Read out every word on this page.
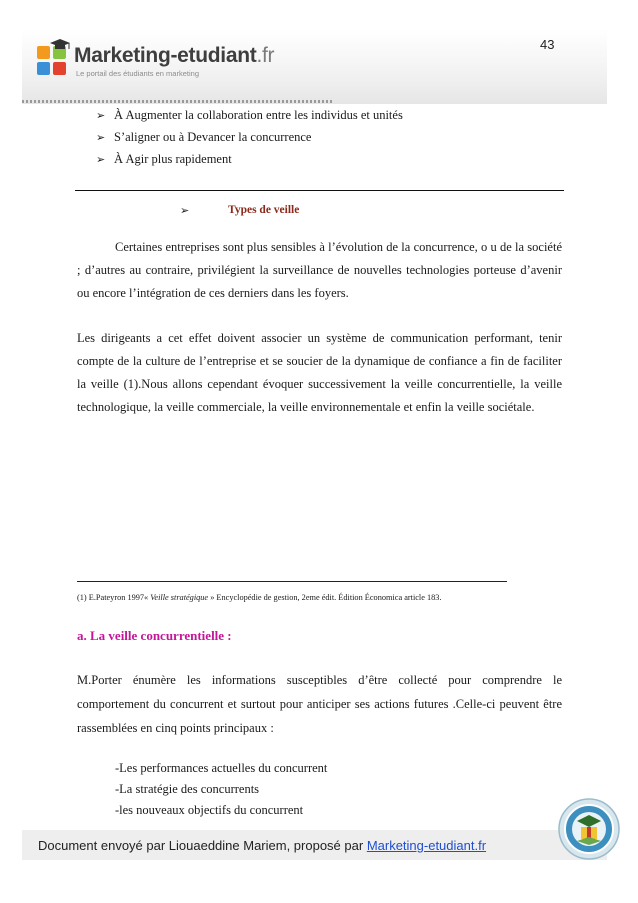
Marketing-etudiant.fr
Le portail des étudiants en marketing
43
➢ À Augmenter la collaboration entre les individus et unités
➢ S’aligner ou à Devancer la concurrence
➢ À Agir plus rapidement
➢	Types de veille

Certaines entreprises sont plus sensibles à l’évolution de la concurrence, o u de la société ; d’autres au contraire, privilégient la surveillance de nouvelles technologies porteuse d’avenir ou encore l’intégration de ces derniers dans les foyers.

Les dirigeants a cet effet doivent associer un système de communication performant, tenir compte de la culture de l’entreprise et se soucier de la dynamique de confiance a fin de faciliter la veille (1).Nous allons cependant évoquer successivement la veille concurrentielle, la veille technologique, la veille commerciale, la veille environnementale et enfin la veille sociétale.

(1) E.Pateyron 1997« Veille stratégique » Encyclopédie de gestion, 2eme édit. Édition Économica article 183.
a. La veille concurrentielle :

M.Porter énumère les informations susceptibles d’être collecté pour comprendre le comportement du concurrent et surtout pour anticiper ses actions futures .Celle-ci peuvent être rassemblées en cinq points principaux :

-Les performances actuelles du concurrent
-La stratégie des concurrents
-les nouveaux objectifs du concurrent
Document envoyé par Liouaeddine Mariem, proposé par Marketing-etudiant.fr
